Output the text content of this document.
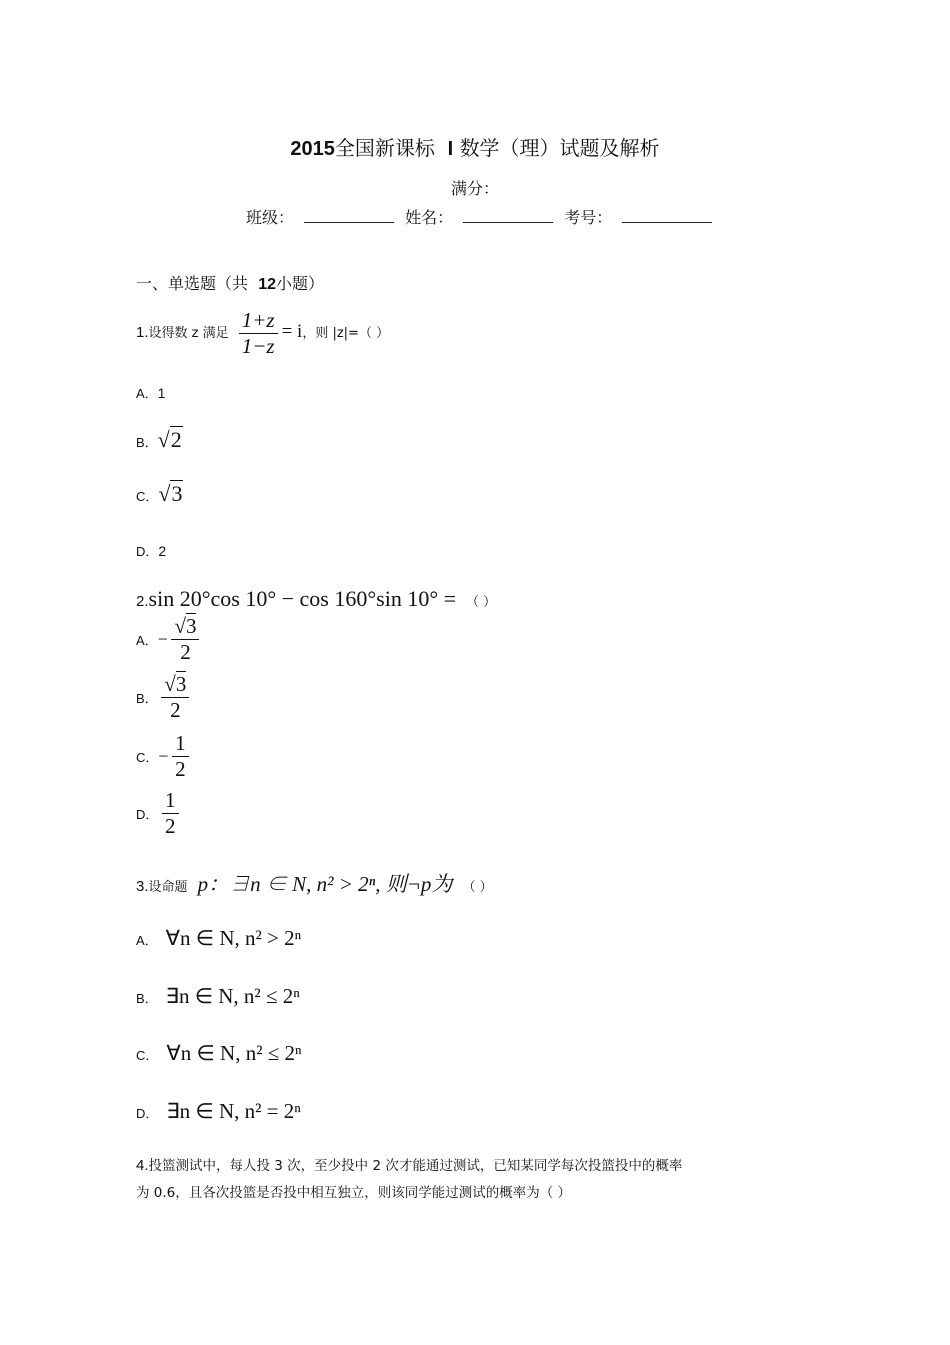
2015全国新课标 I 数学（理）试题及解析
满分：
班级：	姓名：	考号：
一、单选题（共 12小题）
1.设得数 z 满足 $\frac{1+z}{1-z} = i$，则 |z|=（ ）
A．1
B．√2
C．√3
D．2
2.sin 20°cos 10° − cos 160°sin 10° = （ ）
A．− $\frac{√3}{2}$
B． $\frac{√3}{2}$
C．− $\frac{1}{2}$
D． $\frac{1}{2}$
3.设命题 p：∃n ∈ N, n² > 2ⁿ, 则¬p为 （ ）
A． ∀n ∈ N, n² > 2ⁿ
B． ∃n ∈ N, n² ≤ 2ⁿ
C． ∀n ∈ N, n² ≤ 2ⁿ
D． ∃n ∈ N, n² = 2ⁿ
4.投篮测试中，每人投 3 次，至少投中 2 次才能通过测试，已知某同学每次投篮投中的概率
为 0.6，且各次投篮是否投中相互独立，则该同学能过测试的概率为（ ）
